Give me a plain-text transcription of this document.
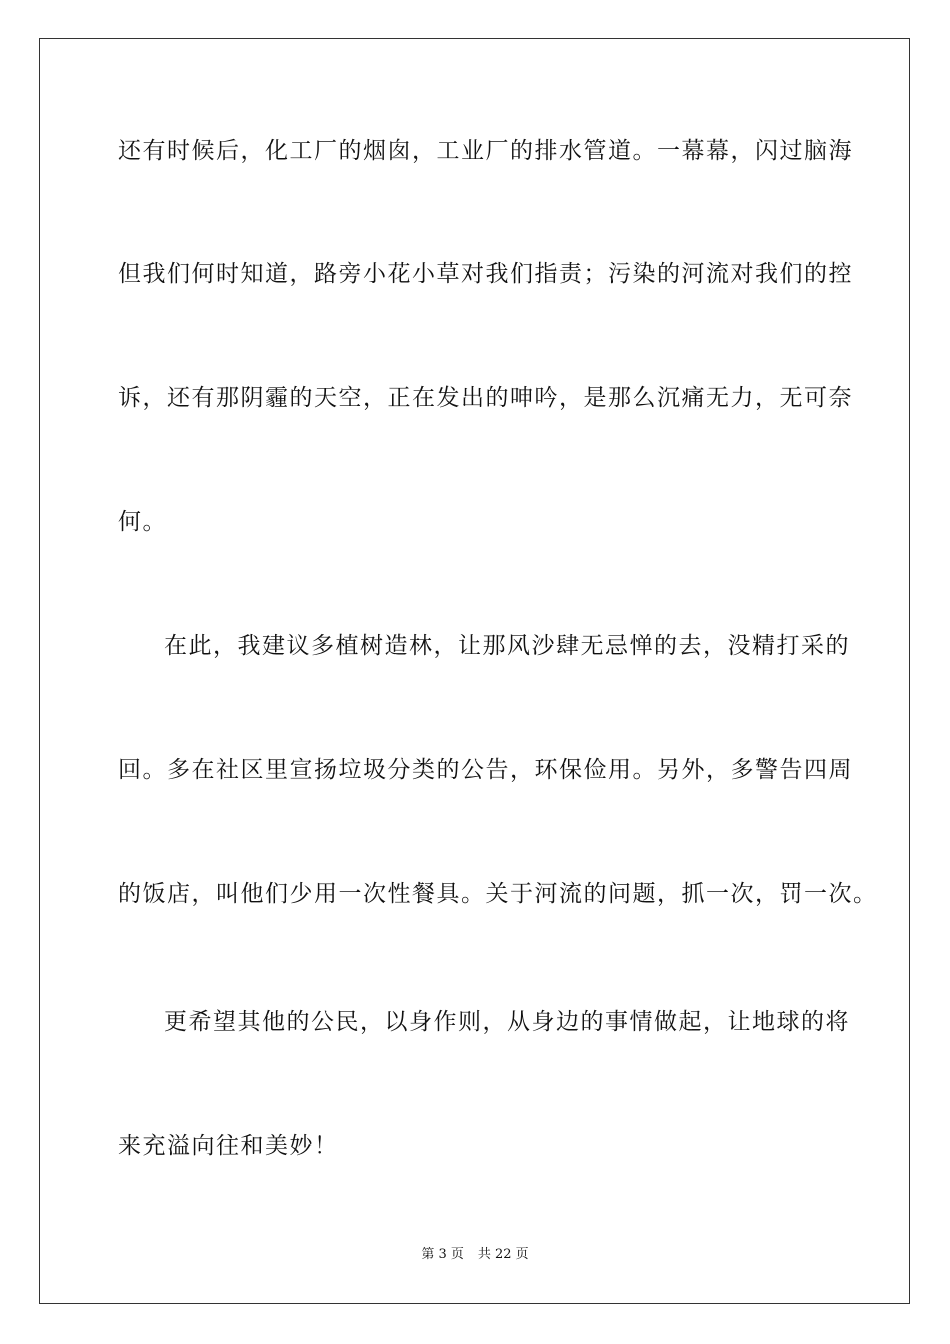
还有时候后，化工厂的烟囱，工业厂的排水管道。一幕幕，闪过脑海
但我们何时知道，路旁小花小草对我们指责；污染的河流对我们的控
诉，还有那阴霾的天空，正在发出的呻吟，是那么沉痛无力，无可奈
何。
在此，我建议多植树造林，让那风沙肆无忌惮的去，没精打采的
回。多在社区里宣扬垃圾分类的公告，环保俭用。另外，多警告四周
的饭店，叫他们少用一次性餐具。关于河流的问题，抓一次，罚一次。
更希望其他的公民，以身作则，从身边的事情做起，让地球的将
来充溢向往和美妙！
第 3 页 共 22 页
